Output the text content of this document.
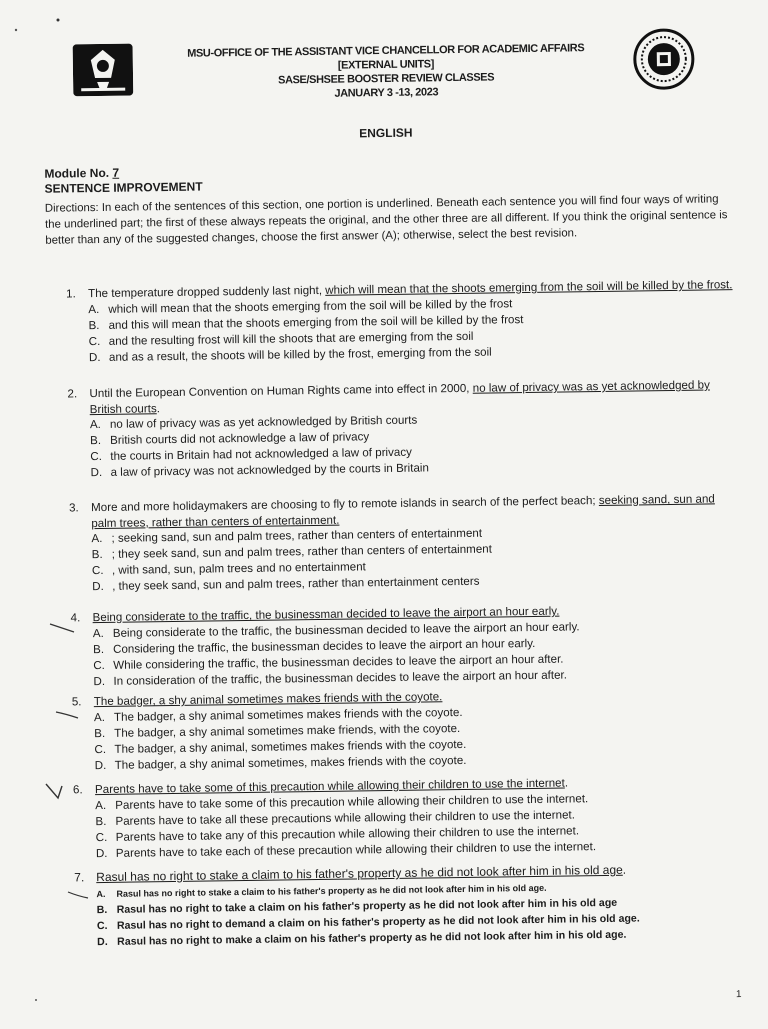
MSU-OFFICE OF THE ASSISTANT VICE CHANCELLOR FOR ACADEMIC AFFAIRS
[EXTERNAL UNITS]
SASE/SHSEE BOOSTER REVIEW CLASSES
JANUARY 3 -13, 2023
ENGLISH
Module No. 7
SENTENCE IMPROVEMENT
Directions: In each of the sentences of this section, one portion is underlined. Beneath each sentence you will find four ways of writing the underlined part; the first of these always repeats the original, and the other three are all different. If you think the original sentence is better than any of the suggested changes, choose the first answer (A); otherwise, select the best revision.
1.	The temperature dropped suddenly last night, which will mean that the shoots emerging from the soil will be killed by the frost.
A. which will mean that the shoots emerging from the soil will be killed by the frost
B. and this will mean that the shoots emerging from the soil will be killed by the frost
C. and the resulting frost will kill the shoots that are emerging from the soil
D. and as a result, the shoots will be killed by the frost, emerging from the soil
2.	Until the European Convention on Human Rights came into effect in 2000, no law of privacy was as yet acknowledged by British courts.
A. no law of privacy was as yet acknowledged by British courts
B. British courts did not acknowledge a law of privacy
C. the courts in Britain had not acknowledged a law of privacy
D. a law of privacy was not acknowledged by the courts in Britain
3.	More and more holidaymakers are choosing to fly to remote islands in search of the perfect beach; seeking sand, sun and palm trees, rather than centers of entertainment.
A. ; seeking sand, sun and palm trees, rather than centers of entertainment
B. ; they seek sand, sun and palm trees, rather than centers of entertainment
C. , with sand, sun, palm trees and no entertainment
D. , they seek sand, sun and palm trees, rather than entertainment centers
4.	Being considerate to the traffic, the businessman decided to leave the airport an hour early.
A. Being considerate to the traffic, the businessman decided to leave the airport an hour early.
B. Considering the traffic, the businessman decides to leave the airport an hour early.
C. While considering the traffic, the businessman decides to leave the airport an hour after.
D. In consideration of the traffic, the businessman decides to leave the airport an hour after.
5.	The badger, a shy animal sometimes makes friends with the coyote.
A. The badger, a shy animal sometimes makes friends with the coyote.
B. The badger, a shy animal sometimes make friends, with the coyote.
C. The badger, a shy animal, sometimes makes friends with the coyote.
D. The badger, a shy animal sometimes, makes friends with the coyote.
6.	Parents have to take some of this precaution while allowing their children to use the internet.
A. Parents have to take some of this precaution while allowing their children to use the internet.
B. Parents have to take all these precautions while allowing their children to use the internet.
C. Parents have to take any of this precaution while allowing their children to use the internet.
D. Parents have to take each of these precaution while allowing their children to use the internet.
7. Rasul has no right to stake a claim to his father's property as he did not look after him in his old age.
A.	Rasul has no right to stake a claim to his father's property as he did not look after him in his old age.
B. Rasul has no right to take a claim on his father's property as he did not look after him in his old age
C. Rasul has no right to demand a claim on his father's property as he did not look after him in his old age.
D. Rasul has no right to make a claim on his father's property as he did not look after him in his old age.
1
